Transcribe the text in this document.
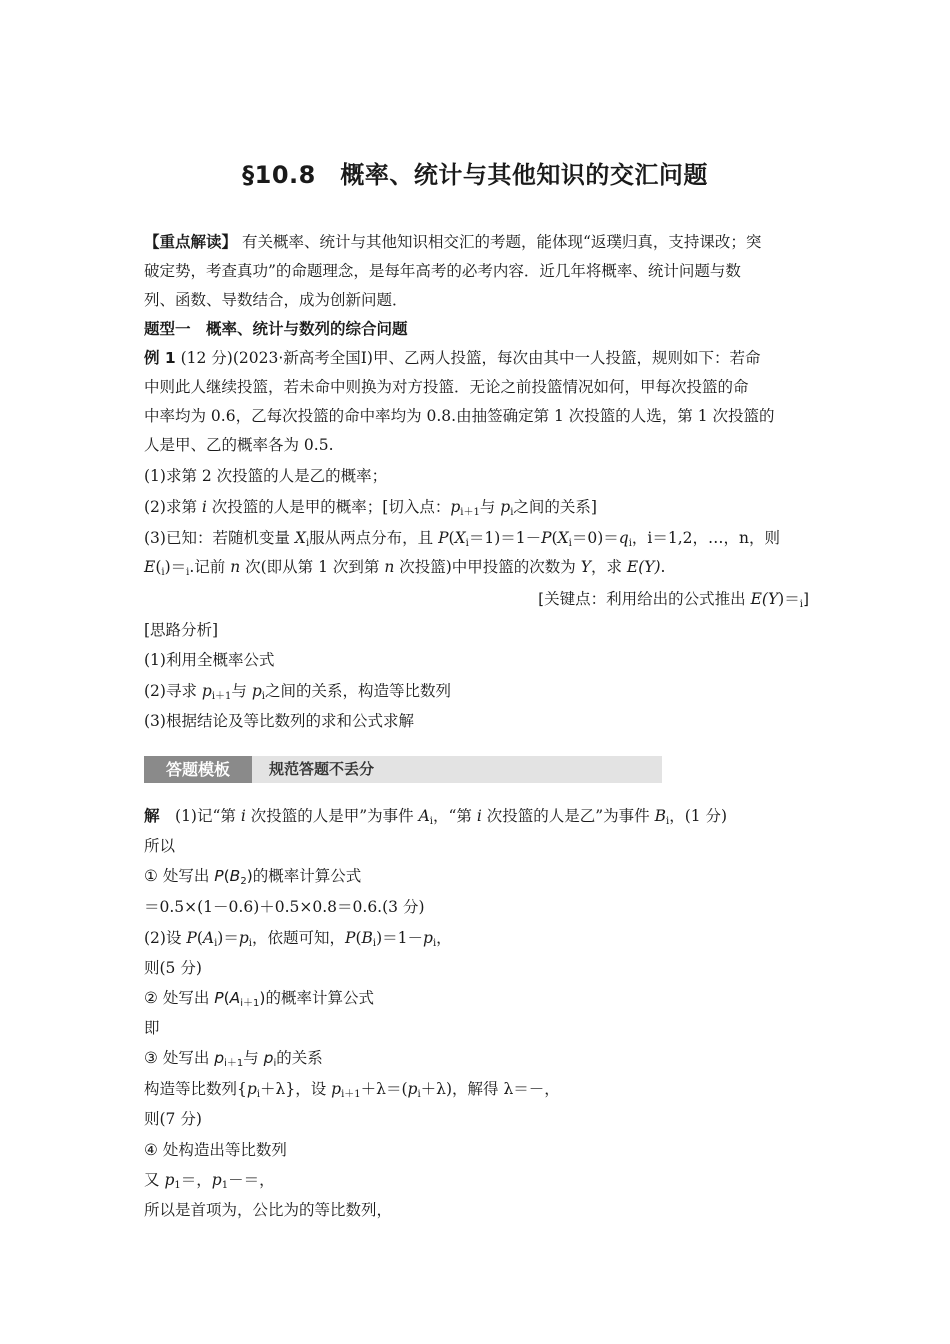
§10.8　概率、统计与其他知识的交汇问题
【重点解读】 有关概率、统计与其他知识相交汇的考题，能体现“返璞归真，支持课改；突
破定势，考查真功”的命题理念，是每年高考的必考内容．近几年将概率、统计问题与数
列、函数、导数结合，成为创新问题．
题型一　概率、统计与数列的综合问题
例 1 (12 分)(2023·新高考全国Ⅰ)甲、乙两人投篮，每次由其中一人投篮，规则如下：若命
中则此人继续投篮，若未命中则换为对方投篮．无论之前投篮情况如何，甲每次投篮的命
中率均为 0.6，乙每次投篮的命中率均为 0.8.由抽签确定第 1 次投篮的人选，第 1 次投篮的
人是甲、乙的概率各为 0.5.
(1)求第 2 次投篮的人是乙的概率；
(2)求第 i 次投篮的人是甲的概率；[切入点：$p_{i+1}$与 $p_i$之间的关系]
(3)已知：若随机变量 $X_i$服从两点分布，且 $P(X_i=1)=1-P(X_i=0)=q_i$，i＝1,2，…，n，则
$E(_i)=_i$.记前 n 次(即从第 1 次到第 n 次投篮)中甲投篮的次数为 Y，求 E(Y).
[关键点：利用给出的公式推出 $E(Y)=_i$]
[思路分析]
(1)利用全概率公式
(2)寻求 $p_{i+1}$与 $p_i$之间的关系，构造等比数列
(3)根据结论及等比数列的求和公式求解
答题模板	规范答题不丢分
解　(1)记“第 i 次投篮的人是甲”为事件 $A_i$，“第 i 次投篮的人是乙”为事件 $B_i$，(1 分)
所以
① 处写出 $P(B_2)$的概率计算公式
＝0.5×(1－0.6)＋0.5×0.8＝0.6.(3 分)
(2)设 $P(A_i)=p_i$，依题可知，$P(B_i)=1-p_i$，
则(5 分)
② 处写出 $P(A_{i+1})$的概率计算公式
即
③ 处写出 $p_{i+1}$与 $p_i$的关系
构造等比数列$\{p_i+\lambda\}$，设 $p_{i+1}+\lambda=(p_i+\lambda)$，解得 λ＝－，
则(7 分)
④ 处构造出等比数列
又 $p_1=$，$p_1-=$，
所以是首项为，公比为的等比数列，
